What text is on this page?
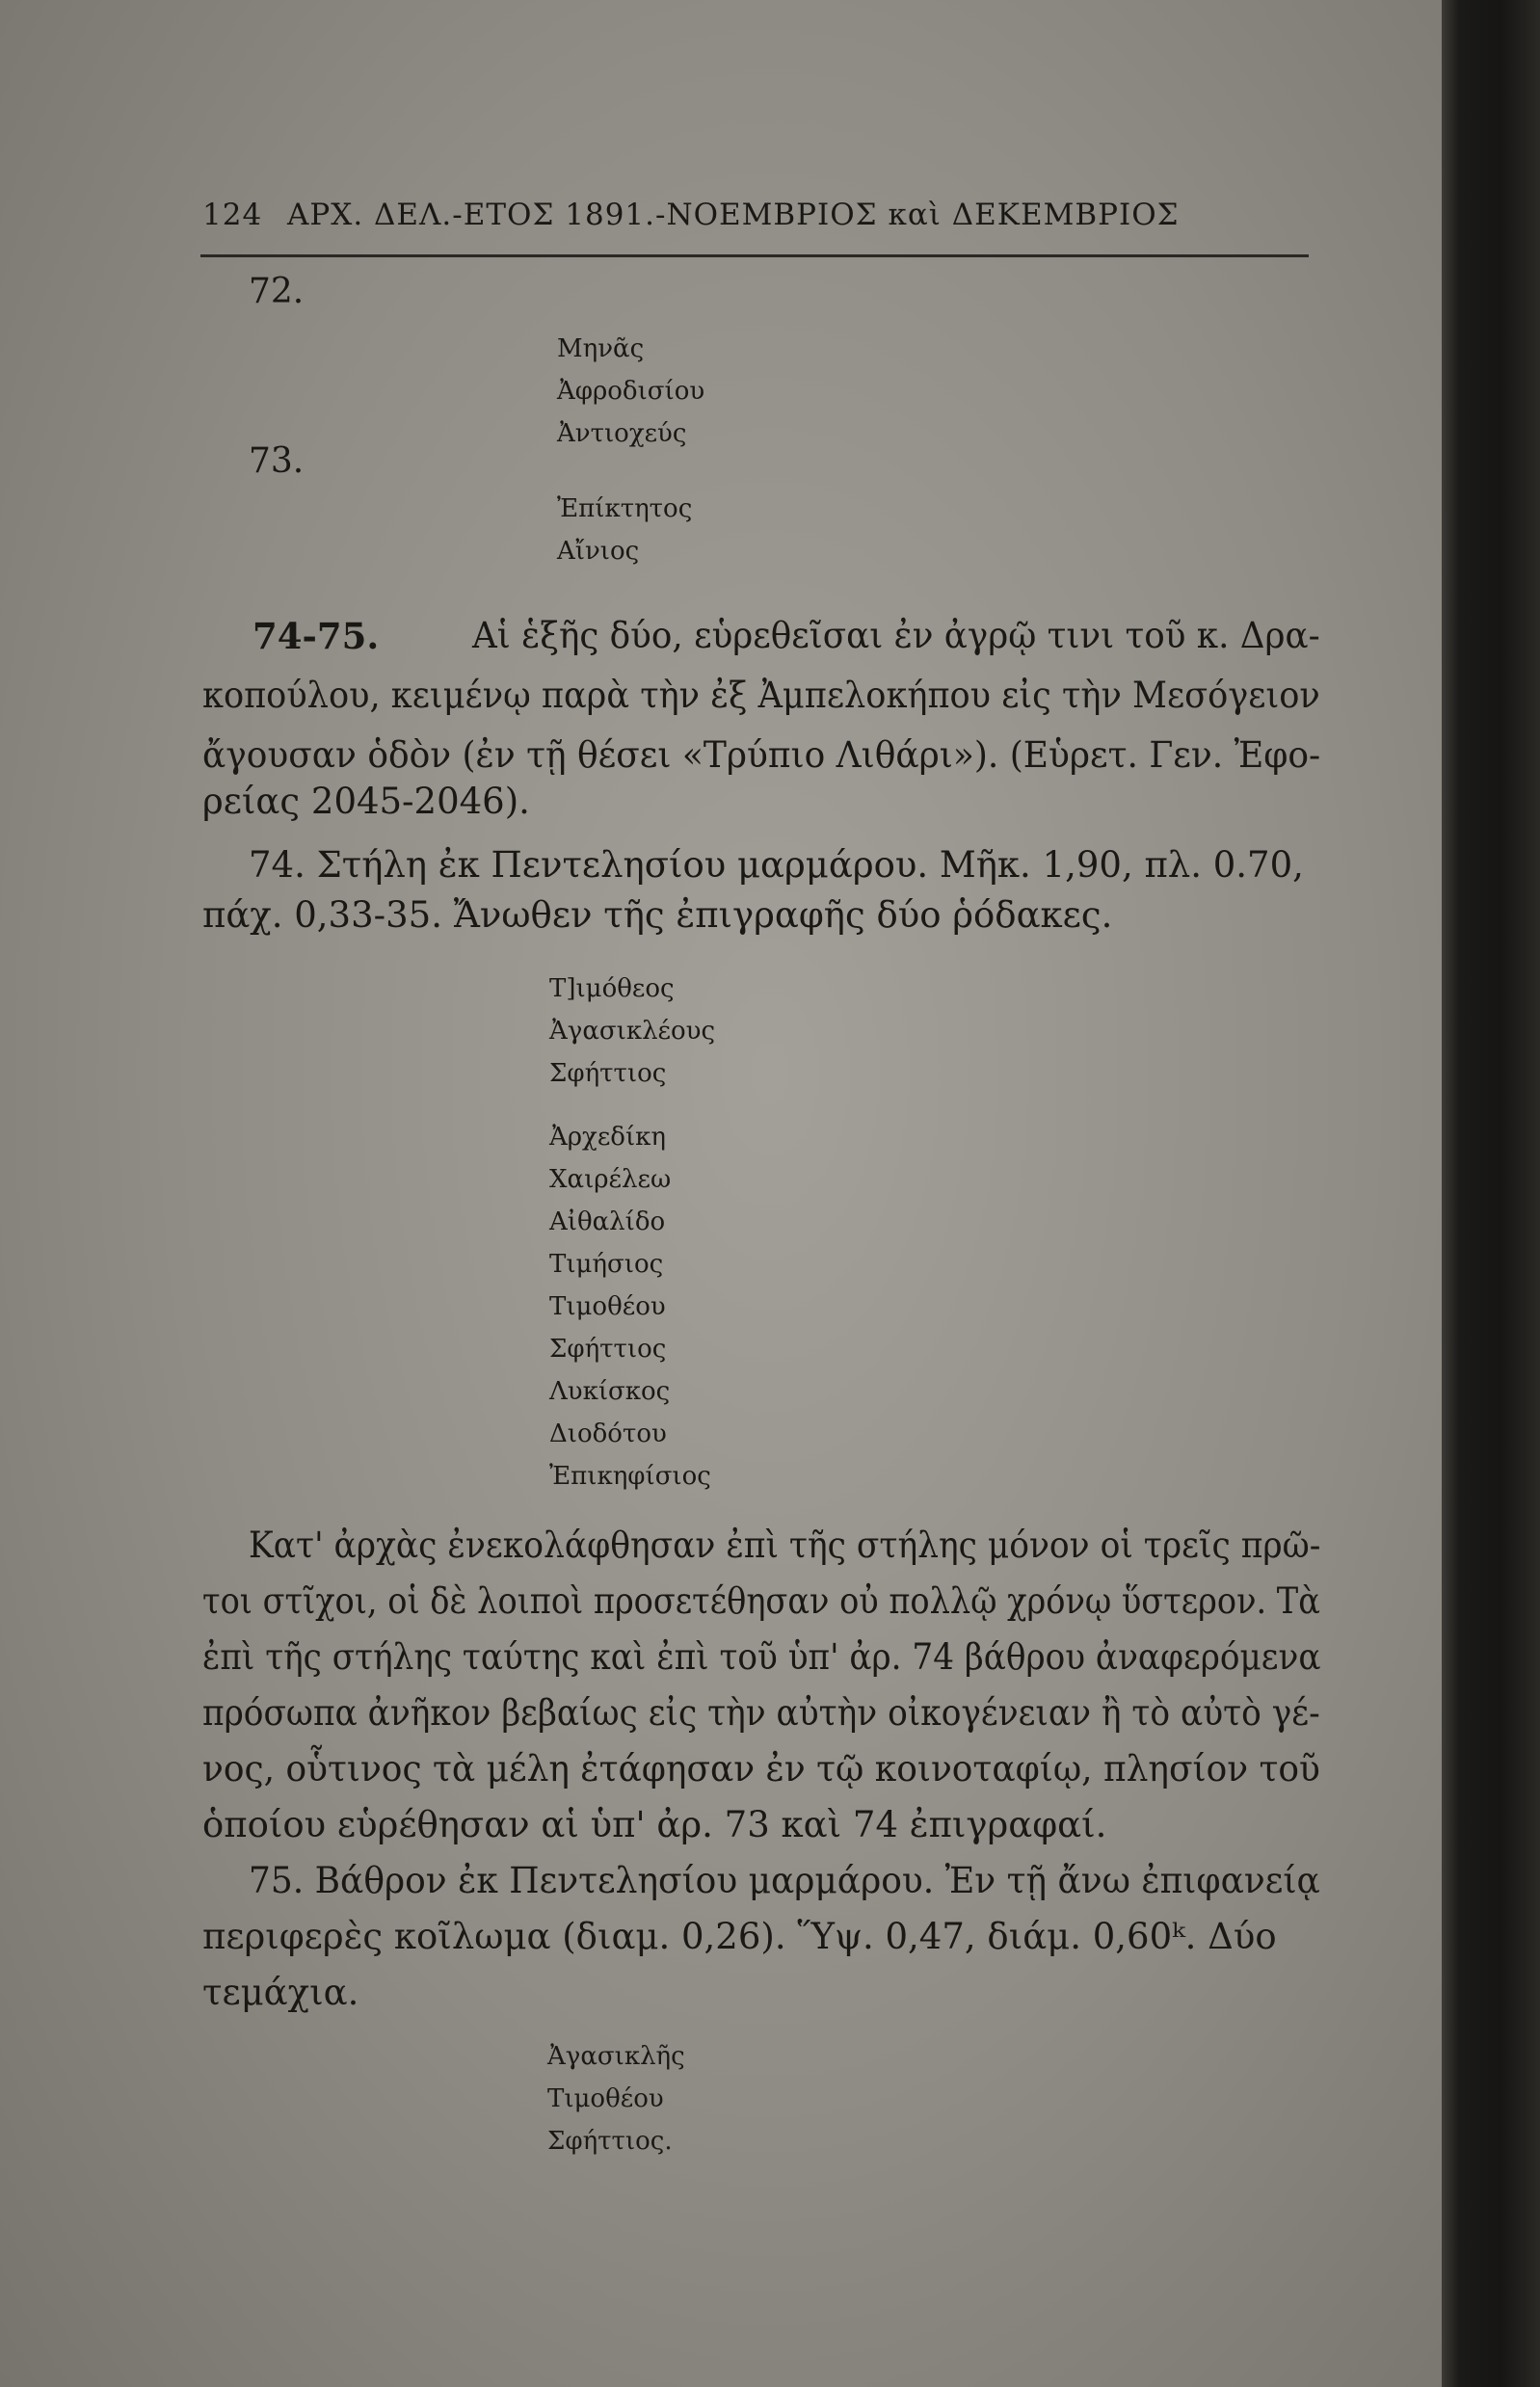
124 ΑΡΧ. ΔΕΛ.-ΕΤΟΣ 1891.-ΝΟΕΜΒΡΙΟΣ καὶ ΔΕΚΕΜΒΡΙΟΣ
72.
Μηνᾶς
Ἀφροδισίου
Ἀντιοχεύς
73.
Ἐπίκτητος
Αἴνιος
74-75.	Αἱ ἑξῆς δύο, εὑρεθεῖσαι ἐν ἀγρῷ τινι τοῦ κ. Δρα-
κοπούλου, κειμένῳ παρὰ τὴν ἐξ Ἀμπελοκήπου εἰς τὴν Μεσόγειον
ἄγουσαν ὁδὸν (ἐν τῇ θέσει «Τρύπιο Λιθάρι»). (Εὑρετ. Γεν. Ἐφο-
ρείας 2045-2046).
74. Στήλη ἐκ Πεντελησίου μαρμάρου. Μῆκ. 1,90, πλ. 0.70,
πάχ. 0,33-35. Ἄνωθεν τῆς ἐπιγραφῆς δύο ῥόδακες.
Τ]ιμόθεος
Ἀγασικλέους
Σφήττιος
Ἀρχεδίκη
Χαιρέλεω
Αἰθαλίδο
Τιμήσιος
Τιμοθέου
Σφήττιος
Λυκίσκος
Διοδότου
Ἐπικηφίσιος
Κατ' ἀρχὰς ἐνεκολάφθησαν ἐπὶ τῆς στήλης μόνον οἱ τρεῖς πρῶ-
τοι στῖχοι, οἱ δὲ λοιποὶ προσετέθησαν οὐ πολλῷ χρόνῳ ὕστερον. Τὰ
ἐπὶ τῆς στήλης ταύτης καὶ ἐπὶ τοῦ ὑπ' ἀρ. 74 βάθρου ἀναφερόμενα
πρόσωπα ἀνῆκον βεβαίως εἰς τὴν αὐτὴν οἰκογένειαν ἢ τὸ αὐτὸ γέ-
νος, οὗτινος τὰ μέλη ἐτάφησαν ἐν τῷ κοινοταφίῳ, πλησίον τοῦ
ὁποίου εὑρέθησαν αἱ ὑπ' ἀρ. 73 καὶ 74 ἐπιγραφαί.
75. Βάθρον ἐκ Πεντελησίου μαρμάρου. Ἐν τῇ ἄνω ἐπιφανείᾳ
περιφερὲς κοῖλωμα (διαμ. 0,26). Ὕψ. 0,47, διάμ. 0,60ᵏ. Δύο
τεμάχια.
Ἀγασικλῆς
Τιμοθέου
Σφήττιος.
